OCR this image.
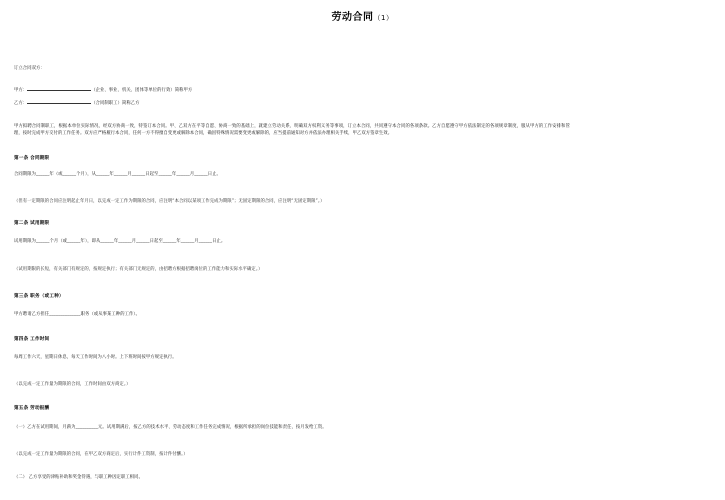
劳动合同（1）
订立合同双方：
甲方：	（企业、事业、机关、团体等单位的行效）简称甲方
乙方：	（合同制职工）简称乙方
甲方拟聘合同制职工，根据本单位实际情况，经双方协商一致，特签订本合同。甲、乙双方在平等自愿、协商一致的基础上，就建立劳动关系、明确双方权利义务等事项，订立本合同，共同遵守本合同的各项条款。乙方自愿遵守甲方依法制定的各项规章制度，服从甲方的工作安排和管理，按时完成甲方交付的工作任务。双方应严格履行本合同，任何一方不得擅自变更或解除本合同，确因特殊情况需要变更或解除的，应当提前通知对方并依法办理相关手续，甲乙双方签章生效。
第一条 合同期限
合同期限为______年（或______个月），从______年______月______日起至______年______月______日止。
（但有一定期限的合同应注明起止年月日，以完成一定工作为期限的合同，应注明“本合同以某项工作完成为期限”；无固定期限的合同，应注明“无固定期限”。）
第二条 试用期限
试用期限为______个月（或______年），即从______年______月______日起至______年______月______日止。
（试用期限的长短，有关部门有规定的，按规定执行；有关部门无规定的，由招聘方根据招聘岗位的工作能力和实际水平确定。）
第三条 职务（或工种）
甲方聘请乙方担任______________职务（或从事某工种的工作）。
第四条 工作时间
每周工作六天，星期日休息，每天工作时间为八小时。上下班时间按甲方规定执行。
（以完成一定工作量为期限的合同，工作时间由双方商定。）
第五条 劳动报酬
（一）乙方在试用期间，月薪为__________元。试用期满后，按乙方的技术水平、劳动态度和工作任务完成情况，根据所承担的岗位技能和责任，按月发给工资。
（以完成一定工作量为期限的合同，在甲乙双方商定后，实行计件工资制，按计件付酬。）
（二） 乙方享受的津贴补助和奖金待遇，与职工种因定职工相同。
